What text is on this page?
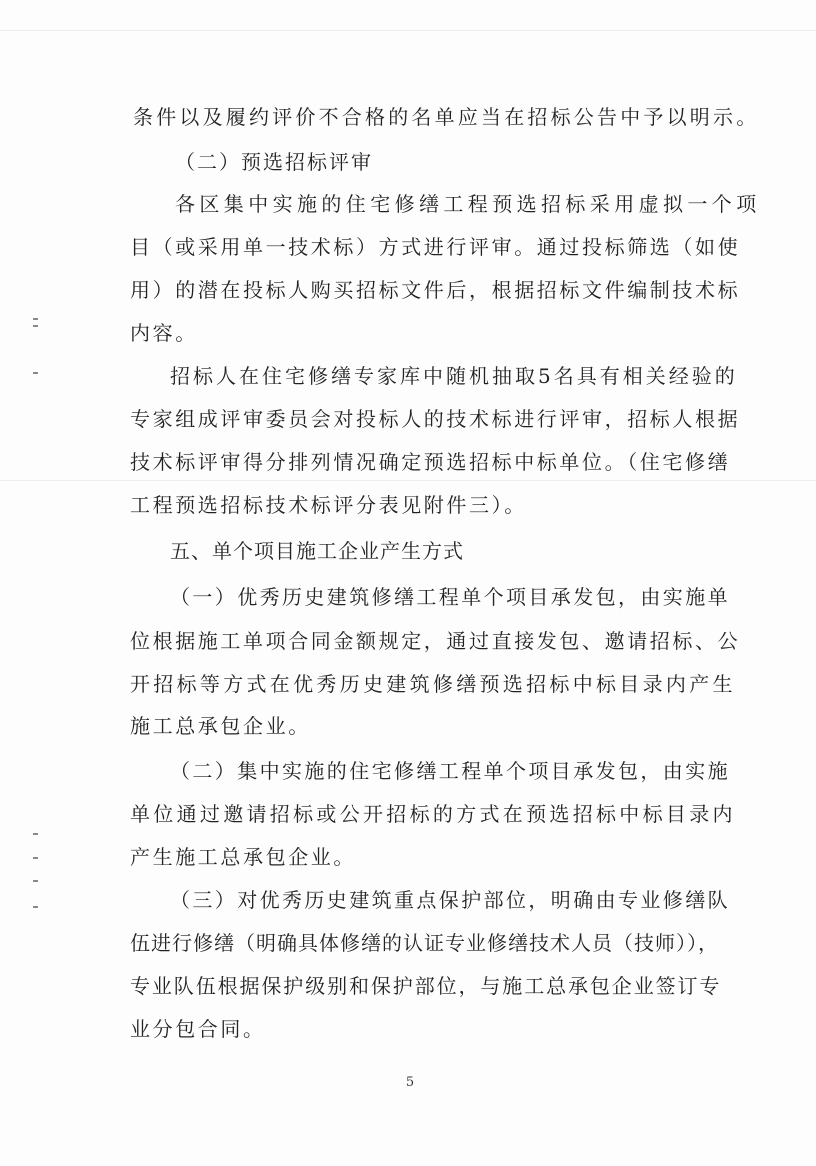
条件以及履约评价不合格的名单应当在招标公告中予以明示。
（二）预选招标评审
各区集中实施的住宅修缮工程预选招标采用虚拟一个项
目（或采用单一技术标）方式进行评审。通过投标筛选（如使
用）的潜在投标人购买招标文件后，根据招标文件编制技术标
内容。
招标人在住宅修缮专家库中随机抽取5名具有相关经验的
专家组成评审委员会对投标人的技术标进行评审，招标人根据
技术标评审得分排列情况确定预选招标中标单位。（住宅修缮
工程预选招标技术标评分表见附件三）。
五、单个项目施工企业产生方式
（一）优秀历史建筑修缮工程单个项目承发包，由实施单
位根据施工单项合同金额规定，通过直接发包、邀请招标、公
开招标等方式在优秀历史建筑修缮预选招标中标目录内产生
施工总承包企业。
（二）集中实施的住宅修缮工程单个项目承发包，由实施
单位通过邀请招标或公开招标的方式在预选招标中标目录内
产生施工总承包企业。
（三）对优秀历史建筑重点保护部位，明确由专业修缮队
伍进行修缮（明确具体修缮的认证专业修缮技术人员（技师）），
专业队伍根据保护级别和保护部位，与施工总承包企业签订专
业分包合同。
5
